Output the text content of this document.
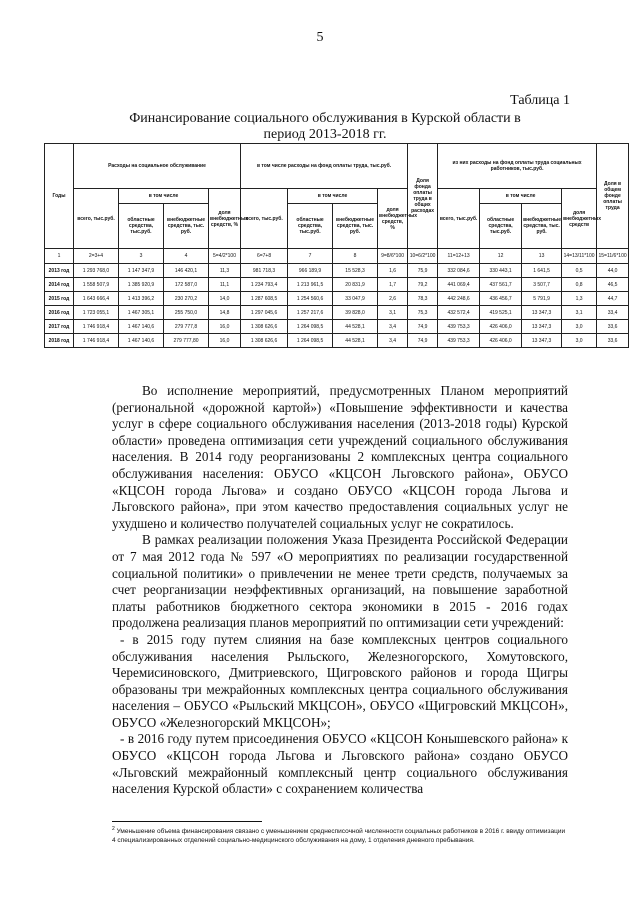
5
Таблица 1
Финансирование социального обслуживания в Курской области в период 2013-2018 гг.
Годы	Расходы на социальное обслуживание				в том числе расходы на фонд оплаты труда, тыс.руб.				Доля фонда оплаты труда в общих расходах	из них расходы на фонд оплаты труда социальных работников, тыс.руб.				Доля в общем фонде оплаты труда
	всего, тыс.руб.	в том числе		доля внебюджетных средств, %	всего, тыс.руб.	в том числе		доля внебюджетных средств, %		всего, тыс.руб.	в том числе		доля внебюджетных средств	
		областные средства, тыс.руб.	внебюджетные средства, тыс. руб.			областные средства, тыс.руб.	внебюджетные средства, тыс. руб.				областные средства, тыс.руб.	внебюджетные средства, тыс. руб.		
1	2=3+4	3	4	5=4/2*100	6=7+8	7	8	9=8/6*100	10=6/2*100	11=12+13	12	13	14=13/11*100	15=11/6*100
2013 год	1 293 768,0	1 147 347,9	146 420,1	11,3	981 718,3	966 189,9	15 528,3	1,6	75,9	332 084,6	330 443,1	1 641,5	0,5	44,0
2014 год	1 558 507,9	1 385 920,9	172 587,0	11,1	1 234 793,4	1 213 961,5	20 831,9	1,7	79,2	441 069,4	437 561,7	3 507,7	0,8	46,5
2015 год	1 643 666,4	1 413 396,2	230 270,2	14,0	1 287 608,5	1 254 560,6	33 047,9	2,6	78,3	442 248,6	436 456,7	5 791,9	1,3	44,7
2016 год	1 723 055,1	1 467 305,1	255 750,0	14,8	1 297 045,6	1 257 217,6	39 828,0	3,1	75,3	432 572,4	419 525,1	13 347,3	3,1	33,4
2017 год	1 746 918,4	1 467 140,6	279 777,8	16,0	1 308 626,6	1 264 098,5	44 528,1	3,4	74,9	439 753,3	426 406,0	13 347,3	3,0	33,6
2018 год	1 746 918,4	1 467 140,6	279 777,80	16,0	1 308 626,6	1 264 098,5	44 528,1	3,4	74,9	439 753,3	426 406,0	13 347,3	3,0	33,6

Во исполнение мероприятий, предусмотренных Планом мероприятий (региональной «дорожной картой») «Повышение эффективности и качества услуг в сфере социального обслуживания населения (2013-2018 годы) Курской области» проведена оптимизация сети учреждений социального обслуживания населения. В 2014 году реорганизованы 2 комплексных центра социального обслуживания населения: ОБУСО «КЦСОН Льговского района», ОБУСО «КЦСОН города Льгова» и создано ОБУСО «КЦСОН города Льгова и Льговского района», при этом качество предоставления социальных услуг не ухудшено и количество получателей социальных услуг не сократилось.

В рамках реализации положения Указа Президента Российской Федерации от 7 мая 2012 года № 597 «О мероприятиях по реализации государственной социальной политики» о привлечении не менее трети средств, получаемых за счет реорганизации неэффективных организаций, на повышение заработной платы работников бюджетного сектора экономики в 2015 - 2016 годах продолжена реализация планов мероприятий по оптимизации сети учреждений:

- в 2015 году путем слияния на базе комплексных центров социального обслуживания населения Рыльского, Железногорского, Хомутовского, Черемисиновского, Дмитриевского, Щигровского районов и города Щигры образованы три межрайонных комплексных центра социального обслуживания населения – ОБУСО «Рыльский МКЦСОН», ОБУСО «Щигровский МКЦСОН», ОБУСО «Железногорский МКЦСОН»;

- в 2016 году путем присоединения ОБУСО «КЦСОН Конышевского района» к ОБУСО «КЦСОН города Льгова и Льговского района» создано ОБУСО «Льговский межрайонный комплексный центр социального обслуживания населения Курской области» с сохранением количества

$^2$ Уменьшение объема финансирования связано с уменьшением среднесписочной численности социальных работников в 2016 г. ввиду оптимизации 4 специализированных отделений социально-медицинского обслуживания на дому, 1 отделения дневного пребывания.
